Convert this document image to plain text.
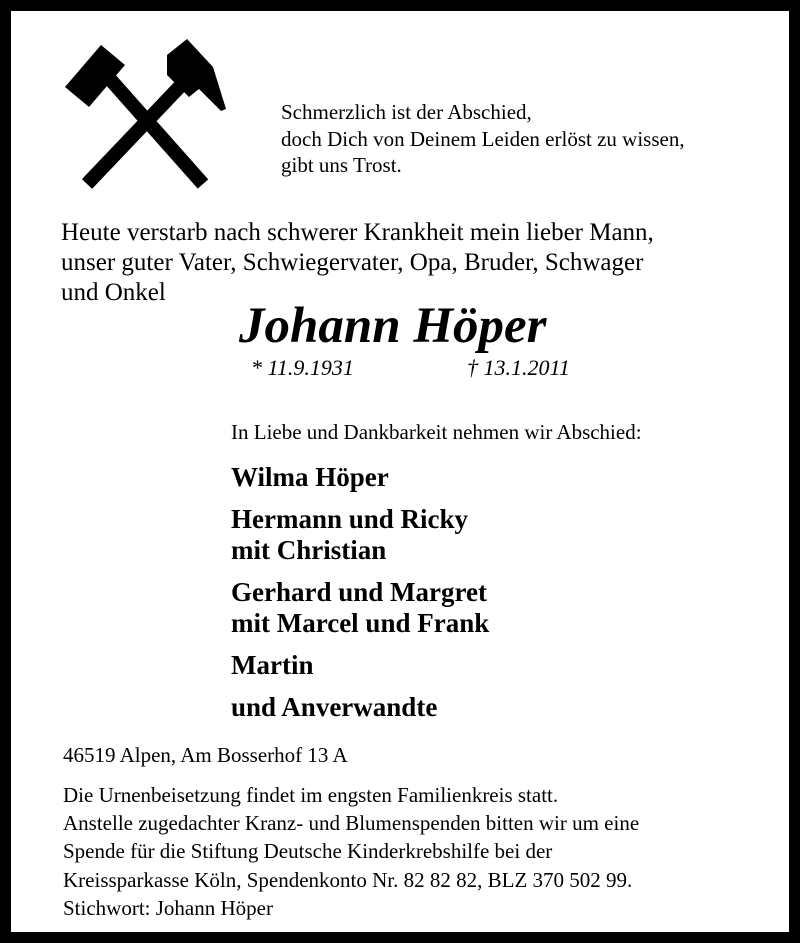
Schmerzlich ist der Abschied,
doch Dich von Deinem Leiden erlöst zu wissen,
gibt uns Trost.
Heute verstarb nach schwerer Krankheit mein lieber Mann,
unser guter Vater, Schwiegervater, Opa, Bruder, Schwager
und Onkel
Johann Höper
* 11.9.1931	† 13.1.2011
In Liebe und Dankbarkeit nehmen wir Abschied:
Wilma Höper
Hermann und Ricky
mit Christian
Gerhard und Margret
mit Marcel und Frank
Martin
und Anverwandte
46519 Alpen, Am Bosserhof 13 A
Die Urnenbeisetzung findet im engsten Familienkreis statt.
Anstelle zugedachter Kranz- und Blumenspenden bitten wir um eine
Spende für die Stiftung Deutsche Kinderkrebshilfe bei der
Kreissparkasse Köln, Spendenkonto Nr. 82 82 82, BLZ 370 502 99.
Stichwort: Johann Höper
